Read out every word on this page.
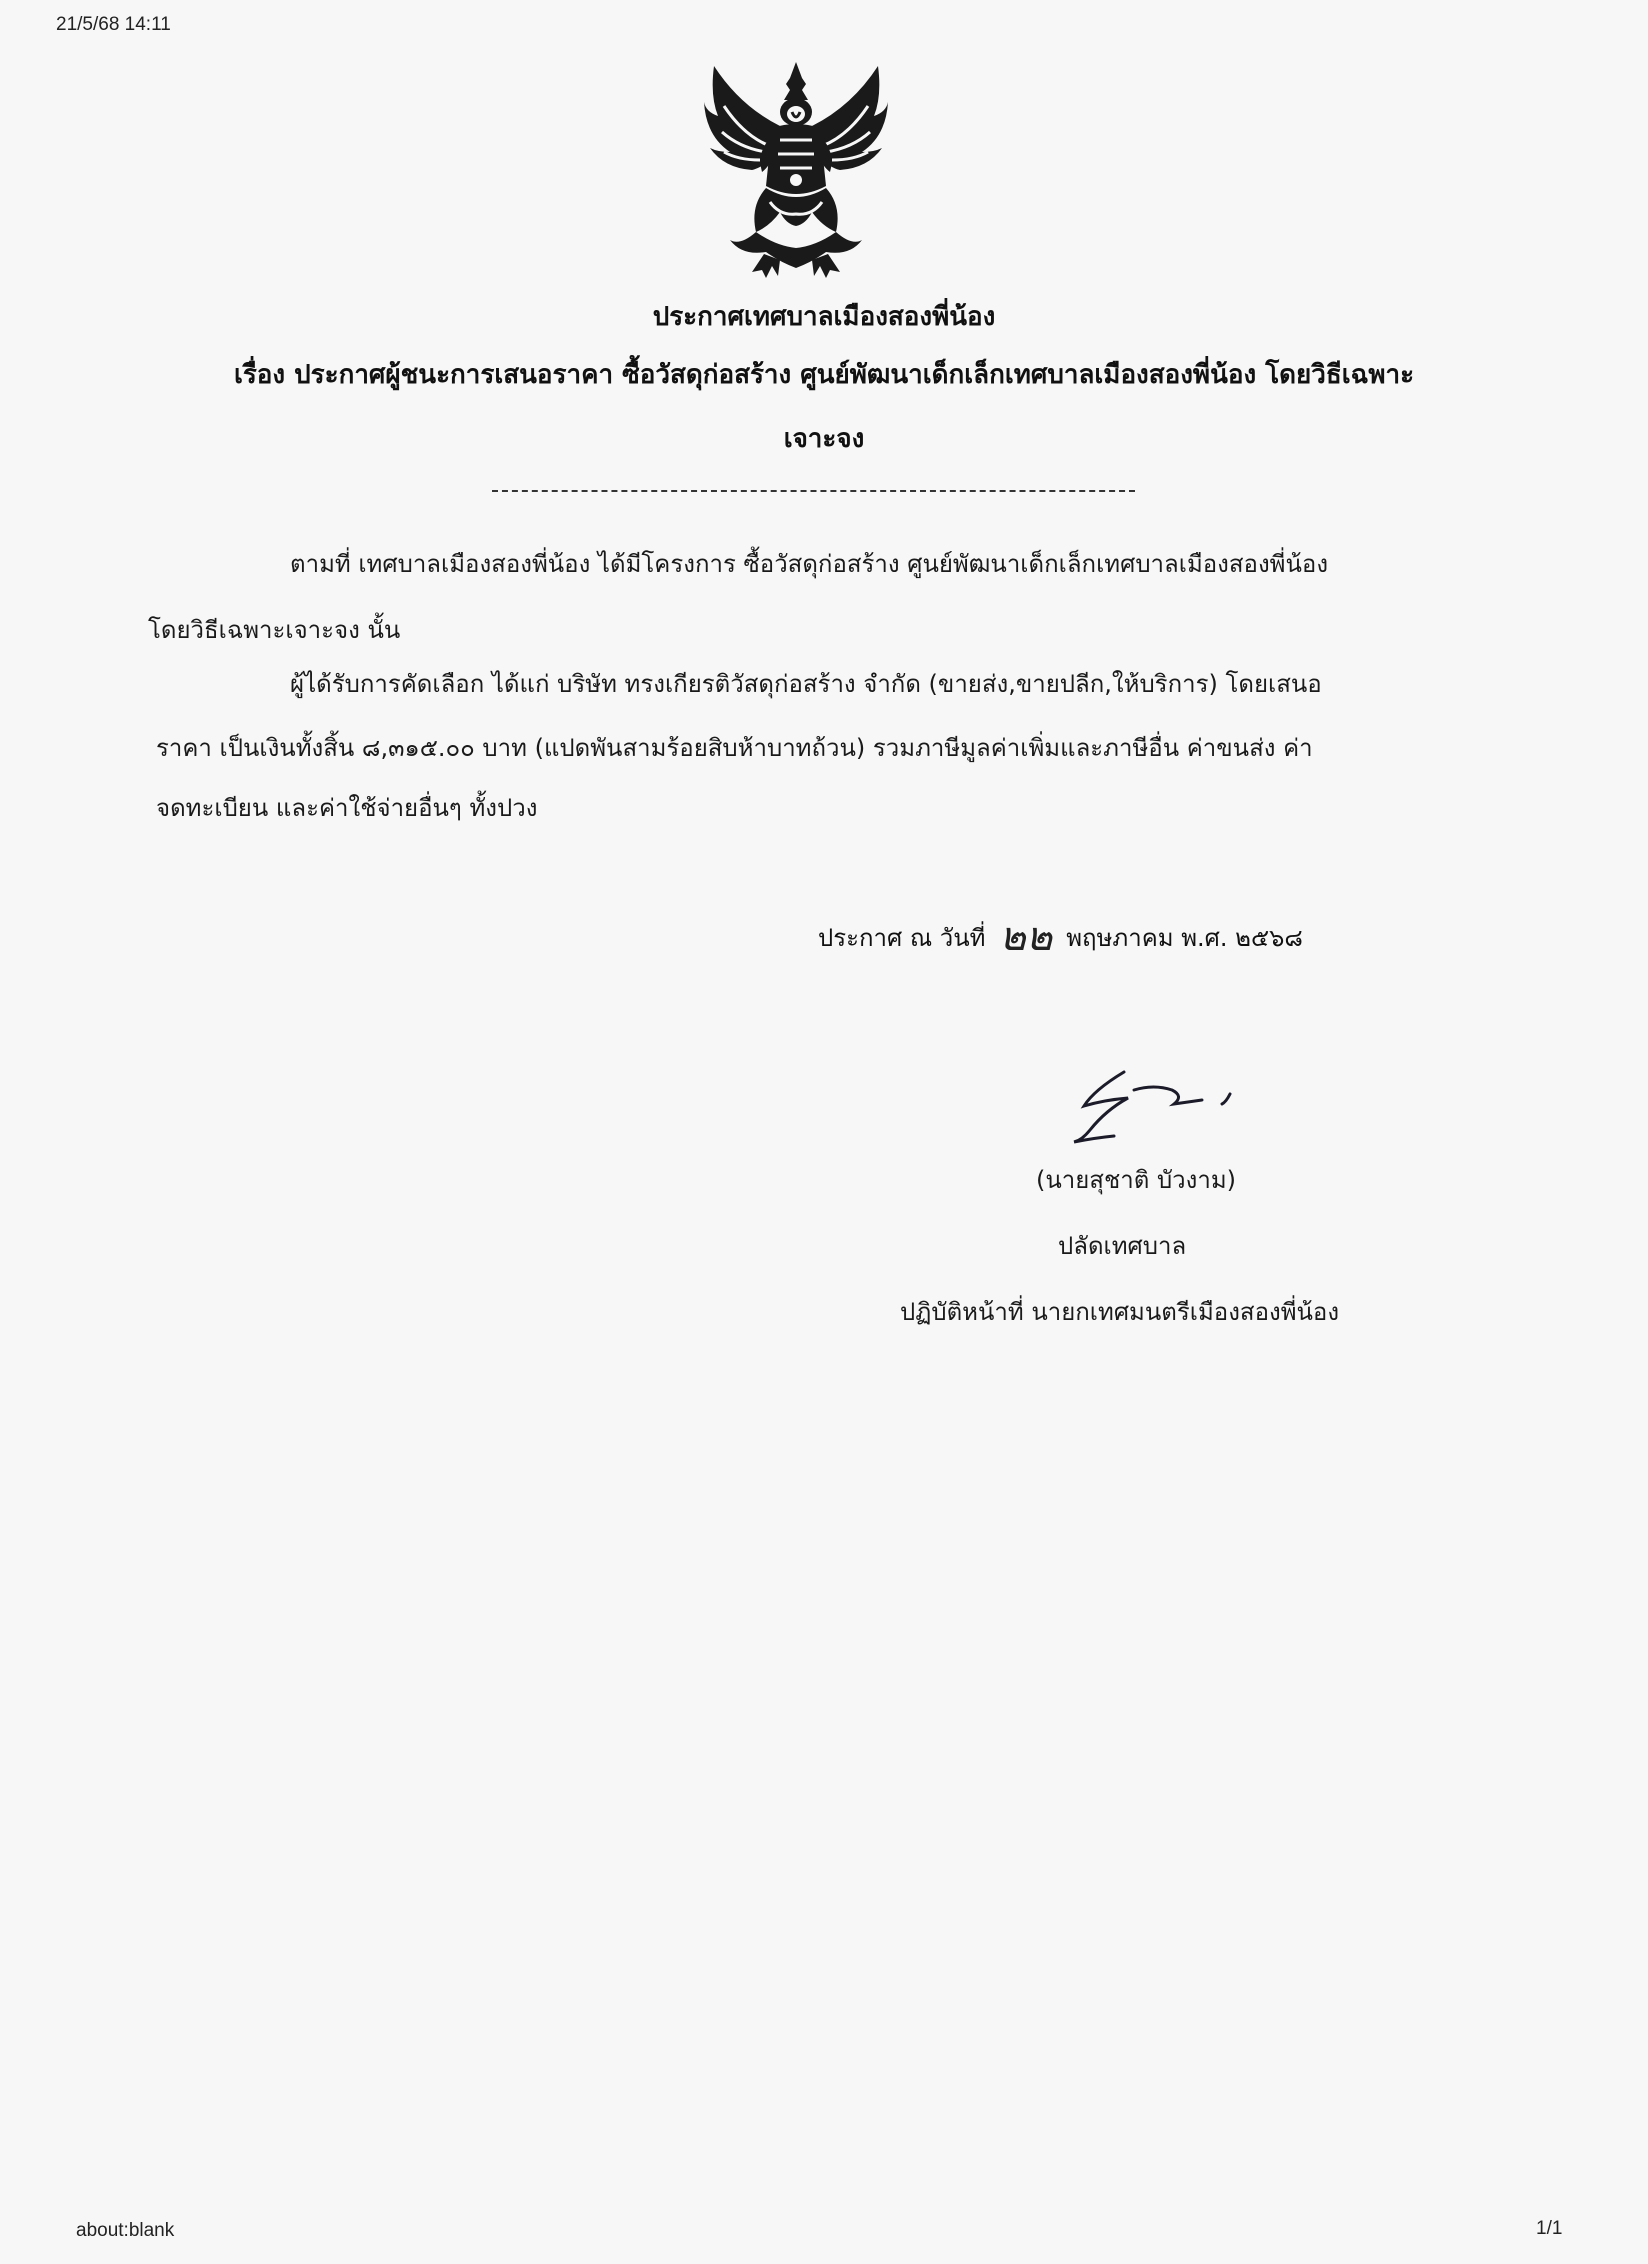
21/5/68 14:11
ประกาศเทศบาลเมืองสองพี่น้อง
เรื่อง ประกาศผู้ชนะการเสนอราคา ซื้อวัสดุก่อสร้าง ศูนย์พัฒนาเด็กเล็กเทศบาลเมืองสองพี่น้อง โดยวิธีเฉพาะ
เจาะจง
ตามที่ เทศบาลเมืองสองพี่น้อง ได้มีโครงการ ซื้อวัสดุก่อสร้าง ศูนย์พัฒนาเด็กเล็กเทศบาลเมืองสองพี่น้อง
โดยวิธีเฉพาะเจาะจง นั้น
ผู้ได้รับการคัดเลือก ได้แก่ บริษัท ทรงเกียรติวัสดุก่อสร้าง จำกัด (ขายส่ง,ขายปลีก,ให้บริการ) โดยเสนอ
ราคา เป็นเงินทั้งสิ้น ๘,๓๑๕.๐๐ บาท (แปดพันสามร้อยสิบห้าบาทถ้วน) รวมภาษีมูลค่าเพิ่มและภาษีอื่น ค่าขนส่ง ค่า
จดทะเบียน และค่าใช้จ่ายอื่นๆ ทั้งปวง
ประกาศ ณ วันที่ ๒๒ พฤษภาคม พ.ศ. ๒๕๖๘
(นายสุชาติ บัวงาม)
ปลัดเทศบาล
ปฏิบัติหน้าที่ นายกเทศมนตรีเมืองสองพี่น้อง
about:blank	1/1
